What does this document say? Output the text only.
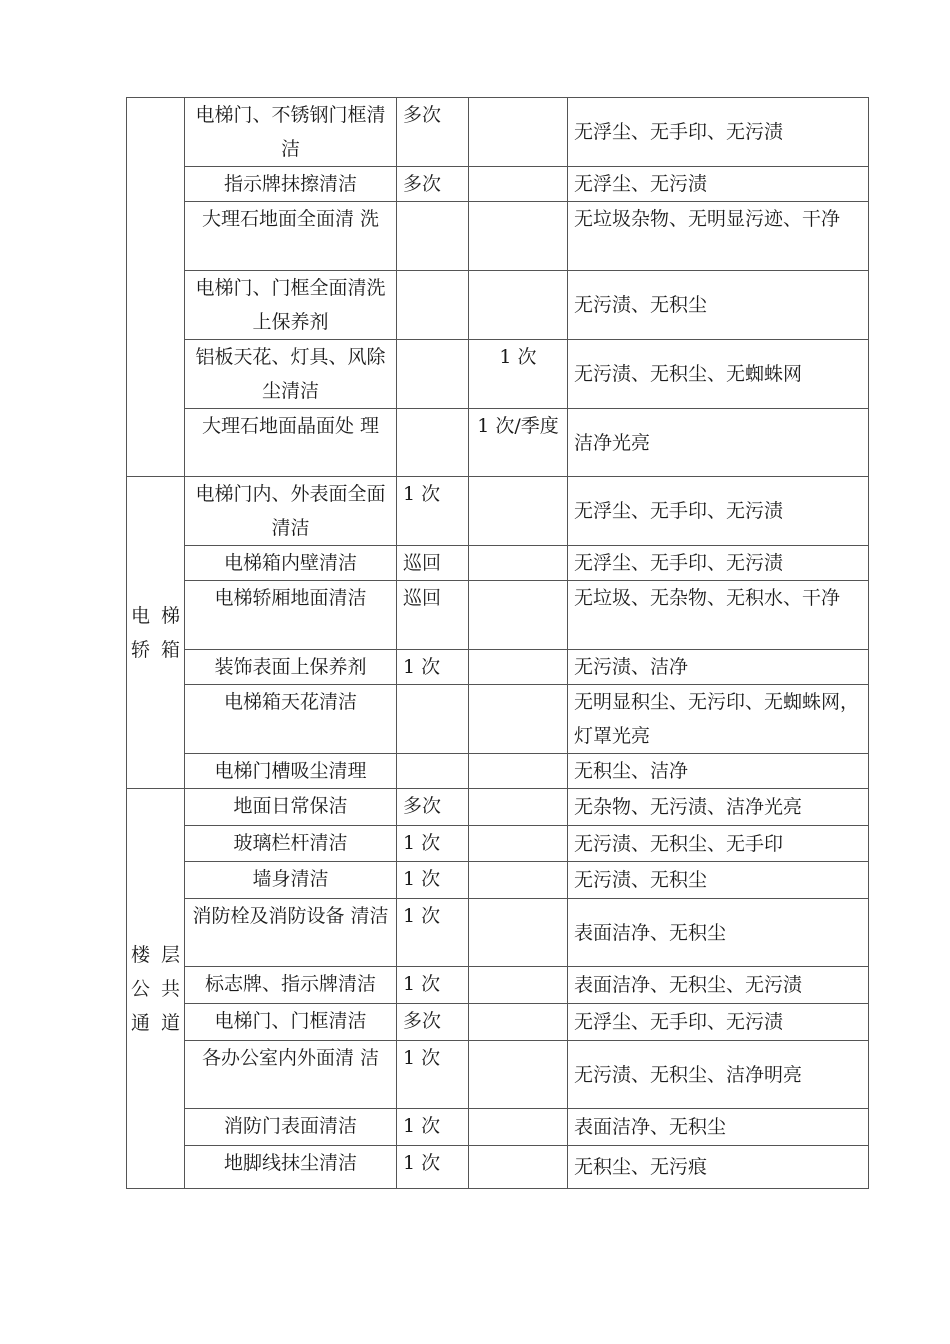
	电梯门、不锈钢门框清洁	多次		无浮尘、无手印、无污渍
	指示牌抹擦清洁	多次		无浮尘、无污渍
	大理石地面全面清 洗			无垃圾杂物、无明显污迹、干净
	电梯门、门框全面清洗上保养剂			无污渍、无积尘
	铝板天花、灯具、风除尘清洁		1 次	无污渍、无积尘、无蜘蛛网
	大理石地面晶面处 理		1 次/季度	洁净光亮

电 梯
轿 箱	电梯门内、外表面全面清洁	1 次		无浮尘、无手印、无污渍
	电梯箱内壁清洁	巡回		无浮尘、无手印、无污渍
	电梯轿厢地面清洁	巡回		无垃圾、无杂物、无积水、干净
	装饰表面上保养剂	1 次		无污渍、洁净
	电梯箱天花清洁			无明显积尘、无污印、无蜘蛛网，灯罩光亮
	电梯门槽吸尘清理			无积尘、洁净

楼 层
公 共
通 道	地面日常保洁	多次		无杂物、无污渍、洁净光亮
	玻璃栏杆清洁	1 次		无污渍、无积尘、无手印
	墙身清洁	1 次		无污渍、无积尘
	消防栓及消防设备 清洁	1 次		表面洁净、无积尘
	标志牌、指示牌清洁	1 次		表面洁净、无积尘、无污渍
	电梯门、门框清洁	多次		无浮尘、无手印、无污渍
	各办公室内外面清 洁	1 次		无污渍、无积尘、洁净明亮
	消防门表面清洁	1 次		表面洁净、无积尘
	地脚线抹尘清洁	1 次		无积尘、无污痕
